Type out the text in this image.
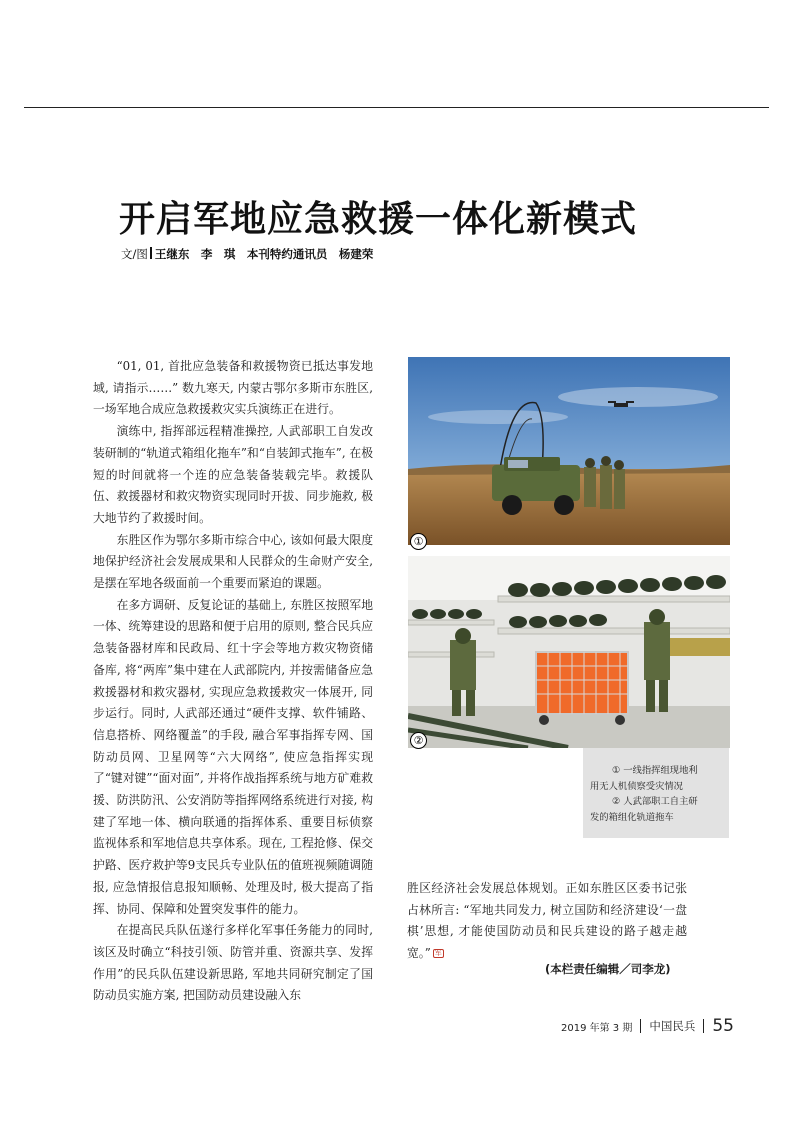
开启军地应急救援一体化新模式
文/图 王继东　李　琪　本刊特约通讯员　杨建荣

“01, 01, 首批应急装备和救援物资已抵达事发地域, 请指示……” 数九寒天, 内蒙古鄂尔多斯市东胜区, 一场军地合成应急救援救灾实兵演练正在进行。

演练中, 指挥部远程精准操控, 人武部职工自发改装研制的“轨道式箱组化拖车”和“自装卸式拖车”, 在极短的时间就将一个连的应急装备装载完毕。救援队伍、救援器材和救灾物资实现同时开拔、同步施救, 极大地节约了救援时间。

东胜区作为鄂尔多斯市综合中心, 该如何最大限度地保护经济社会发展成果和人民群众的生命财产安全, 是摆在军地各级面前一个重要而紧迫的课题。

在多方调研、反复论证的基础上, 东胜区按照军地一体、统筹建设的思路和便于启用的原则, 整合民兵应急装备器材库和民政局、红十字会等地方救灾物资储备库, 将“两库”集中建在人武部院内, 并按需储备应急救援器材和救灾器材, 实现应急救援救灾一体展开, 同步运行。同时, 人武部还通过“硬件支撑、软件铺路、信息搭桥、网络覆盖”的手段, 融合军事指挥专网、国防动员网、卫星网等“六大网络”, 使应急指挥实现了“键对键”“面对面”, 并将作战指挥系统与地方矿难救援、防洪防汛、公安消防等指挥网络系统进行对接, 构建了军地一体、横向联通的指挥体系、重要目标侦察监视体系和军地信息共享体系。现在, 工程抢修、保交护路、医疗救护等9支民兵专业队伍的值班视频随调随报, 应急情报信息报知顺畅、处理及时, 极大提高了指挥、协同、保障和处置突发事件的能力。

在提高民兵队伍遂行多样化军事任务能力的同时, 该区及时确立“科技引领、防管并重、资源共享、发挥作用”的民兵队伍建设新思路, 军地共同研究制定了国防动员实施方案, 把国防动员建设融入东

①
②
① 一线指挥组现地利
用无人机侦察受灾情况
② 人武部职工自主研
发的箱组化轨道拖车
胜区经济社会发展总体规划。正如东胜区区委书记张占林所言: “军地共同发力, 树立国防和经济建设‘一盘棋’思想, 才能使国防动员和民兵建设的路子越走越宽。” 军
(本栏责任编辑／司李龙)
2019 年第 3 期 中国民兵 55
